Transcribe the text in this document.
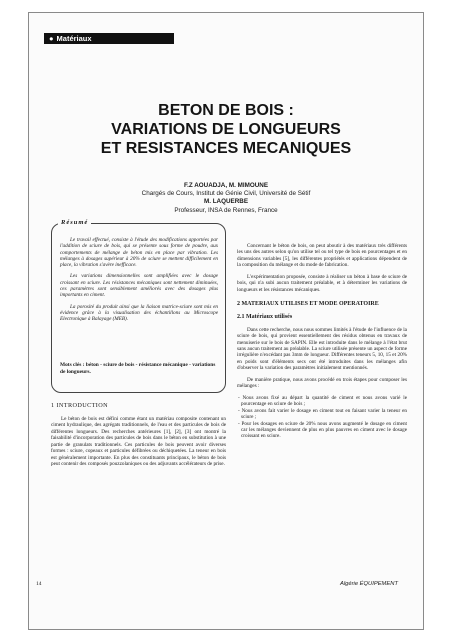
● Matériaux
BETON DE BOIS :
VARIATIONS DE LONGUEURS
ET RESISTANCES MECANIQUES
F.Z AOUADJA, M. MIMOUNE
Chargés de Cours, Institut de Génie Civil, Université de Sétif
M. LAQUERBE
Professeur, INSA de Rennes, France
Résumé

Le travail effectué, consiste à l'étude des modifications apportées par l'addition de sciure de bois, qui se présente sous forme de poudre, aux comportements de mélange de béton mis en place par vibration. Les mélanges à dosages supérieur à 20% de sciure se mettent difficilement en place, la vibration s'avère inefficace.

Les variations dimensionnelles sont amplifiées avec le dosage croissant en sciure. Les résistances mécaniques sont nettement diminuées, ces paramètres sont sensiblement améliorés avec des dosages plus importants en ciment.

La porosité du produit ainsi que la liaison matrice-sciure sont mis en évidence grâce à la visualisation des échantillons au Microscope Electronique à Balayage (MEB).

Mots clés : béton - sciure de bois - résistance mécanique - variations de longueurs.
1 INTRODUCTION

Le béton de bois est défini comme étant un matériau composite contenant un ciment hydraulique, des agrégats traditionnels, de l'eau et des particules de bois de différentes longueurs. Des recherches antérieures [1], [2], [3] ont montré la faisabilité d'incorporation des particules de bois dans le béton en substitution à une partie de granulats traditionnels. Ces particules de bois peuvent avoir diverses formes : sciure, copeaux et particules défibrées ou déchiquetées. La teneur en bois est généralement importante. En plus des constituants principaux, le béton de bois peut contenir des composés pouzzolaniques ou des adjuvants accélérateurs de prise.

Concernant le béton de bois, on peut aboutir à des matériaux très différents les uns des autres selon qu'on utilise tel ou tel type de bois en pourcentages et en dimensions variables [5], les différentes propriétés et applications dépendent de la composition du mélange et du mode de fabrication.

L'expérimentation proposée, consiste à réaliser un béton à base de sciure de bois, qui n'a subi aucun traitement préalable, et à déterminer les variations de longueurs et les résistances mécaniques.

2 MATERIAUX UTILISES ET MODE OPERATOIRE
2.1 Matériaux utilisés

Dans cette recherche, nous nous sommes limités à l'étude de l'influence de la sciure de bois, qui provient essentiellement des résidus obtenus en travaux de menuiserie sur le bois de SAPIN. Elle est introduite dans le mélange à l'état brut sans aucun traitement au préalable. La sciure utilisée présente un aspect de forme irrégulière n'excédant pas 3mm de longueur. Différentes teneurs 5, 10, 15 et 20% en poids sont d'éléments secs ont été introduites dans les mélanges afin d'observer la variation des paramètres initialement mentionnés.

De manière pratique, nous avons procédé en trois étapes pour composer les mélanges :

- Nous avons fixé au départ la quantité de ciment et nous avons varié le pourcentage en sciure de bois ;
- Nous avons fait varier le dosage en ciment tout en faisant varier la teneur en sciure ;
- Pour les dosages en sciure de 20% nous avons augmenté le dosage en ciment car les mélanges deviennent de plus en plus pauvres en ciment avec le dosage croissant en sciure.
14	Algérie ÉQUIPEMENT
